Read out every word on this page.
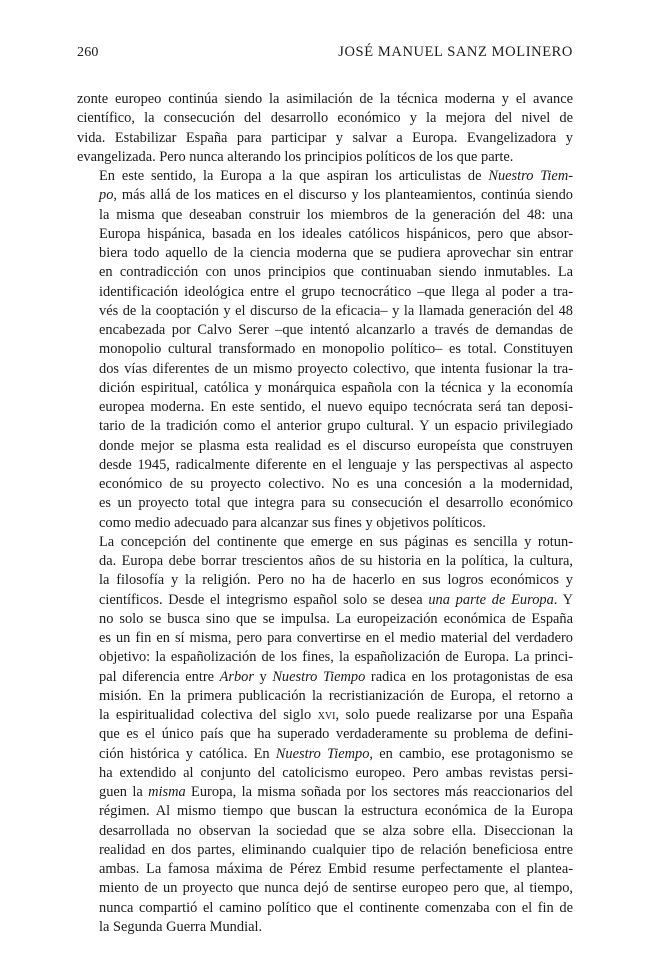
260	JOSÉ MANUEL SANZ MOLINERO

zonte europeo continúa siendo la asimilación de la técnica moderna y el avance
científico, la consecución del desarrollo económico y la mejora del nivel de
vida. Estabilizar España para participar y salvar a Europa. Evangelizadora y
evangelizada. Pero nunca alterando los principios políticos de los que parte.

En este sentido, la Europa a la que aspiran los articulistas de Nuestro Tiem-
po, más allá de los matices en el discurso y los planteamientos, continúa siendo
la misma que deseaban construir los miembros de la generación del 48: una
Europa hispánica, basada en los ideales católicos hispánicos, pero que absor-
biera todo aquello de la ciencia moderna que se pudiera aprovechar sin entrar
en contradicción con unos principios que continuaban siendo inmutables. La
identificación ideológica entre el grupo tecnocrático –que llega al poder a tra-
vés de la cooptación y el discurso de la eficacia– y la llamada generación del 48
encabezada por Calvo Serer –que intentó alcanzarlo a través de demandas de
monopolio cultural transformado en monopolio político– es total. Constituyen
dos vías diferentes de un mismo proyecto colectivo, que intenta fusionar la tra-
dición espiritual, católica y monárquica española con la técnica y la economía
europea moderna. En este sentido, el nuevo equipo tecnócrata será tan deposi-
tario de la tradición como el anterior grupo cultural. Y un espacio privilegiado
donde mejor se plasma esta realidad es el discurso europeísta que construyen
desde 1945, radicalmente diferente en el lenguaje y las perspectivas al aspecto
económico de su proyecto colectivo. No es una concesión a la modernidad,
es un proyecto total que integra para su consecución el desarrollo económico
como medio adecuado para alcanzar sus fines y objetivos políticos.

La concepción del continente que emerge en sus páginas es sencilla y rotun-
da. Europa debe borrar trescientos años de su historia en la política, la cultura,
la filosofía y la religión. Pero no ha de hacerlo en sus logros económicos y
científicos. Desde el integrismo español solo se desea una parte de Europa. Y
no solo se busca sino que se impulsa. La europeización económica de España
es un fin en sí misma, pero para convertirse en el medio material del verdadero
objetivo: la españolización de los fines, la españolización de Europa. La princi-
pal diferencia entre Arbor y Nuestro Tiempo radica en los protagonistas de esa
misión. En la primera publicación la recristianización de Europa, el retorno a
la espiritualidad colectiva del siglo xvi, solo puede realizarse por una España
que es el único país que ha superado verdaderamente su problema de defini-
ción histórica y católica. En Nuestro Tiempo, en cambio, ese protagonismo se
ha extendido al conjunto del catolicismo europeo. Pero ambas revistas persi-
guen la misma Europa, la misma soñada por los sectores más reaccionarios del
régimen. Al mismo tiempo que buscan la estructura económica de la Europa
desarrollada no observan la sociedad que se alza sobre ella. Diseccionan la
realidad en dos partes, eliminando cualquier tipo de relación beneficiosa entre
ambas. La famosa máxima de Pérez Embid resume perfectamente el plantea-
miento de un proyecto que nunca dejó de sentirse europeo pero que, al tiempo,
nunca compartió el camino político que el continente comenzaba con el fin de
la Segunda Guerra Mundial.
